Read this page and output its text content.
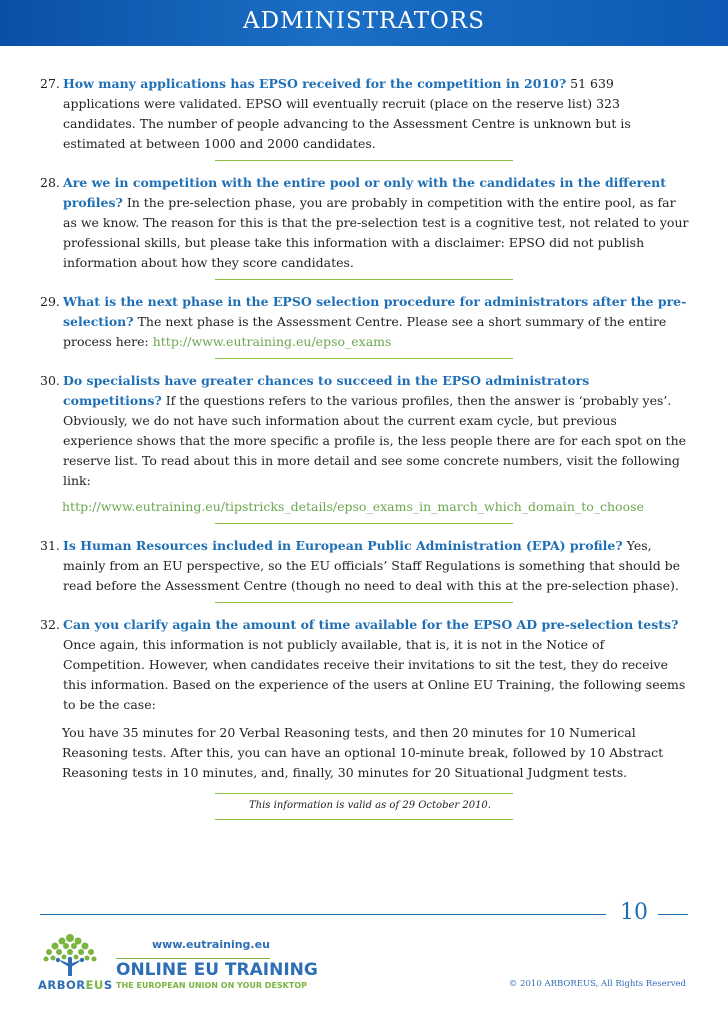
ADMINISTRATORS
27. How many applications has EPSO received for the competition in 2010? 51 639 applications were validated. EPSO will eventually recruit (place on the reserve list) 323 candidates. The number of people advancing to the Assessment Centre is unknown but is estimated at between 1000 and 2000 candidates.
28. Are we in competition with the entire pool or only with the candidates in the different profiles? In the pre-selection phase, you are probably in competition with the entire pool, as far as we know. The reason for this is that the pre-selection test is a cognitive test, not related to your professional skills, but please take this information with a disclaimer: EPSO did not publish information about how they score candidates.
29. What is the next phase in the EPSO selection procedure for administrators after the pre-selection? The next phase is the Assessment Centre. Please see a short summary of the entire process here: http://www.eutraining.eu/epso_exams
30. Do specialists have greater chances to succeed in the EPSO administrators competitions? If the questions refers to the various profiles, then the answer is ‘probably yes’. Obviously, we do not have such information about the current exam cycle, but previous experience shows that the more specific a profile is, the less people there are for each spot on the reserve list. To read about this in more detail and see some concrete numbers, visit the following link:
http://www.eutraining.eu/tipstricks_details/epso_exams_in_march_which_domain_to_choose
31. Is Human Resources included in European Public Administration (EPA) profile? Yes, mainly from an EU perspective, so the EU officials’ Staff Regulations is something that should be read before the Assessment Centre (though no need to deal with this at the pre-selection phase).
32. Can you clarify again the amount of time available for the EPSO AD pre-selection tests? Once again, this information is not publicly available, that is, it is not in the Notice of Competition. However, when candidates receive their invitations to sit the test, they do receive this information. Based on the experience of the users at Online EU Training, the following seems to be the case:
You have 35 minutes for 20 Verbal Reasoning tests, and then 20 minutes for 10 Numerical Reasoning tests. After this, you can have an optional 10-minute break, followed by 10 Abstract Reasoning tests in 10 minutes, and, finally, 30 minutes for 20 Situational Judgment tests.
This information is valid as of 29 October 2010.
10
ARBOREUS
www.eutraining.eu
ONLINE EU TRAINING
THE EUROPEAN UNION ON YOUR DESKTOP	© 2010 ARBOREUS, All Rights Reserved
